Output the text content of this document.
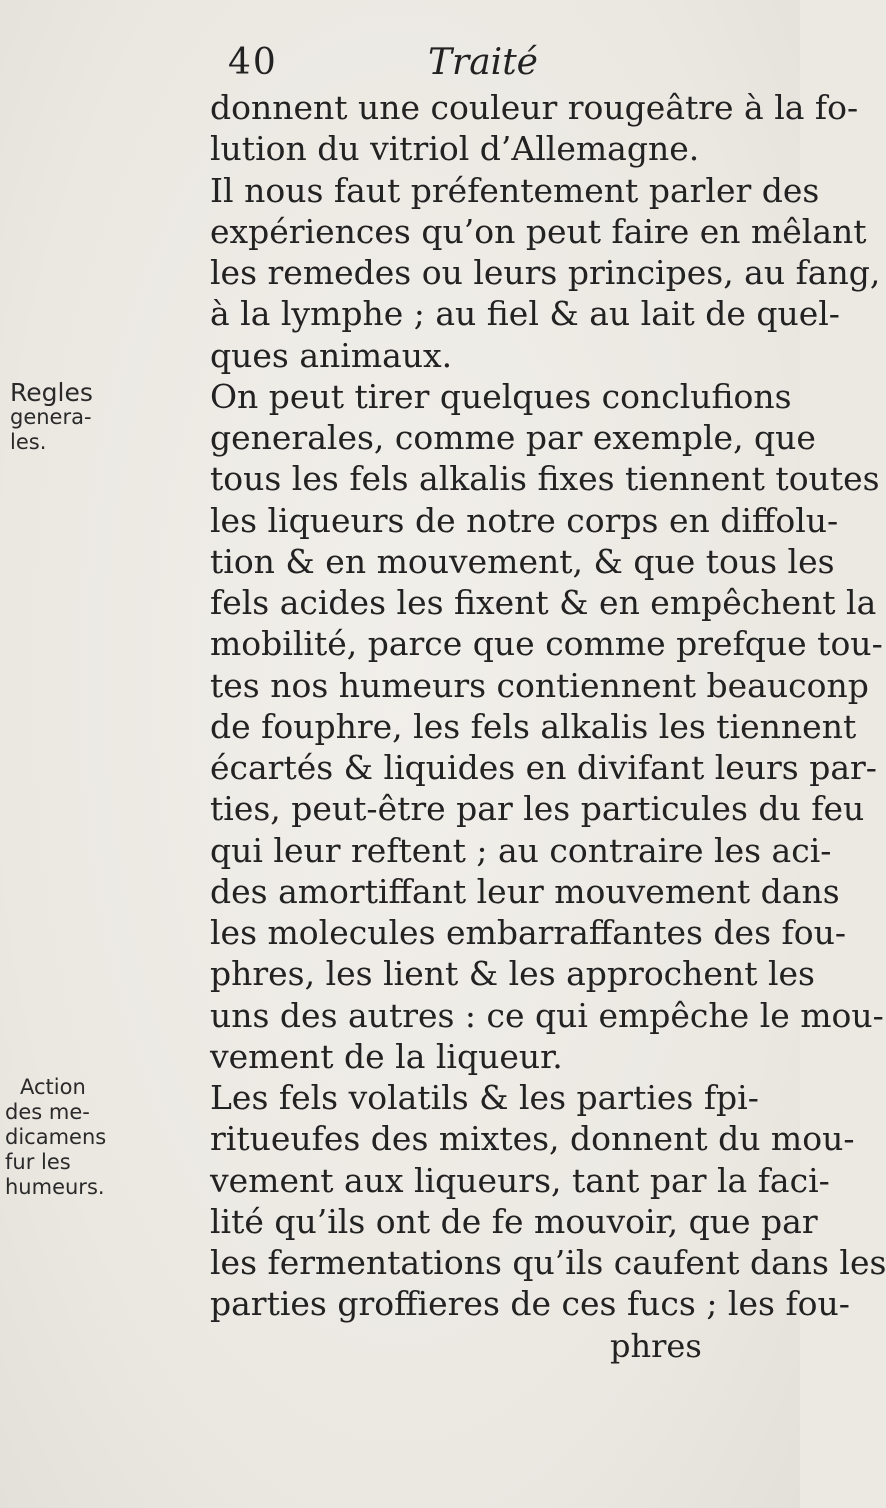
40	Traité
donnent une couleur rougeâtre à la fo-
lution du vitriol d’Allemagne.
Il nous faut préfentement parler des
expériences qu’on peut faire en mêlant
les remedes ou leurs principes, au fang,
à la lymphe ; au fiel & au lait de quel-
ques animaux.
On peut tirer quelques conclufions
generales, comme par exemple, que
tous les fels alkalis fixes tiennent toutes
les liqueurs de notre corps en diffolu-
tion & en mouvement, & que tous les
fels acides les fixent & en empêchent la
mobilité, parce que comme prefque tou-
tes nos humeurs contiennent beauconp
de fouphre, les fels alkalis les tiennent
écartés & liquides en divifant leurs par-
ties, peut-être par les particules du feu
qui leur reftent ; au contraire les aci-
des amortiffant leur mouvement dans
les molecules embarraffantes des fou-
phres, les lient & les approchent les
uns des autres : ce qui empêche le mou-
vement de la liqueur.
Les fels volatils & les parties fpi-
ritueufes des mixtes, donnent du mou-
vement aux liqueurs, tant par la faci-
lité qu’ils ont de fe mouvoir, que par
les fermentations qu’ils caufent dans les
parties groffieres de ces fucs ; les fou-
phres
Regles
genera-
les.
Action
des me-
dicamens
fur les
humeurs.
